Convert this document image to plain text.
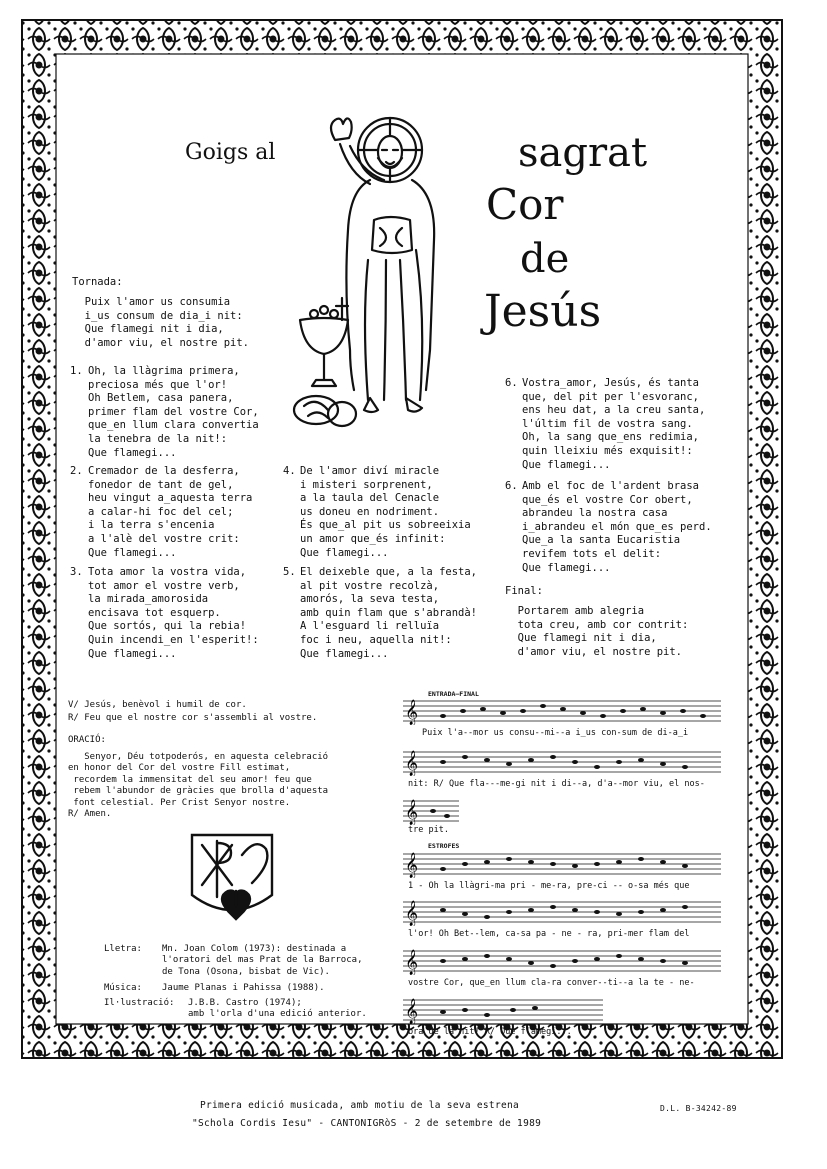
Goigs al	sagrat
Cor
de
Jesús
Tornada:
Puix l'amor us consumia
i_us consum de dia_i nit:
Que flamegi nit i dia,
d'amor viu, el nostre pit.
1. Oh, la llàgrima primera,
preciosa més que l'or!
Oh Betlem, casa panera,
primer flam del vostre Cor,
que_en llum clara convertia
la tenebra de la nit!:
Que flamegi...
2. Cremador de la desferra,
fonedor de tant de gel,
heu vingut a_aquesta terra
a calar-hi foc del cel;
i la terra s'encenia
a l'alè del vostre crit:
Que flamegi...
3. Tota amor la vostra vida,
tot amor el vostre verb,
la mirada_amorosida
encisava tot esquerp.
Que sortós, qui la rebia!
Quin incendi_en l'esperit!:
Que flamegi...
4. De l'amor diví miracle
i misteri sorprenent,
a la taula del Cenacle
us doneu en nodriment.
És que_al pit us sobreeixia
un amor que_és infinit:
Que flamegi...
5. El deixeble que, a la festa,
al pit vostre recolzà,
amorós, la seva testa,
amb quin flam que s'abrandà!
A l'esguard li relluïa
foc i neu, aquella nit!:
Que flamegi...
6. Vostra_amor, Jesús, és tanta
que, del pit per l'esvoranc,
ens heu dat, a la creu santa,
l'últim fil de vostra sang.
Oh, la sang que_ens redimia,
quin lleixiu més exquisit!:
Que flamegi...
6. Amb el foc de l'ardent brasa
que_és el vostre Cor obert,
abrandeu la nostra casa
i_abrandeu el món que_es perd.
Que_a la santa Eucaristia
revifem tots el delit:
Que flamegi...
Final:
Portarem amb alegria
tota creu, amb cor contrit:
Que flamegi nit i dia,
d'amor viu, el nostre pit.
V/ Jesús, benèvol i humil de cor.
R/ Feu que el nostre cor s'assembli al vostre.
ORACIÓ:
Senyor, Déu totpoderós, en aquesta celebració
en honor del Cor del vostre Fill estimat,
recordem la immensitat del seu amor! feu que
rebem l'abundor de gràcies que brolla d'aquesta
font celestial. Per Crist Senyor nostre.
R/ Amen.
Lletra: Mn. Joan Colom (1973): destinada a
l'oratori del mas Prat de la Barroca,
de Tona (Osona, bisbat de Vic).
Música: Jaume Planas i Pahissa (1988).
Il·lustració: J.B.B. Castro (1974);
amb l'orla d'una edició anterior.
ENTRADA—FINAL
𝄞
Puix l'a--mor us consu--mi--a i_us con-sum de di-a_i
𝄞
nit: R/ Que fla---me-gi nit i di--a, d'a--mor viu, el nos-
𝄞
tre pit.
ESTROFES
𝄞
1 - Oh la llàgri-ma pri - me-ra, pre-ci -- o-sa més que
𝄞
l'or! Oh Bet--lem, ca-sa pa - ne - ra, pri-mer flam del
𝄞
vostre Cor, que_en llum cla-ra conver--ti--a la te - ne-
𝄞
bra de la nit! R/ Que flamegi...
Primera edició musicada, amb motiu de la seva estrena
"Schola Cordis Iesu" - CANTONIGRòS - 2 de setembre de 1989
D.L. B-34242-89
